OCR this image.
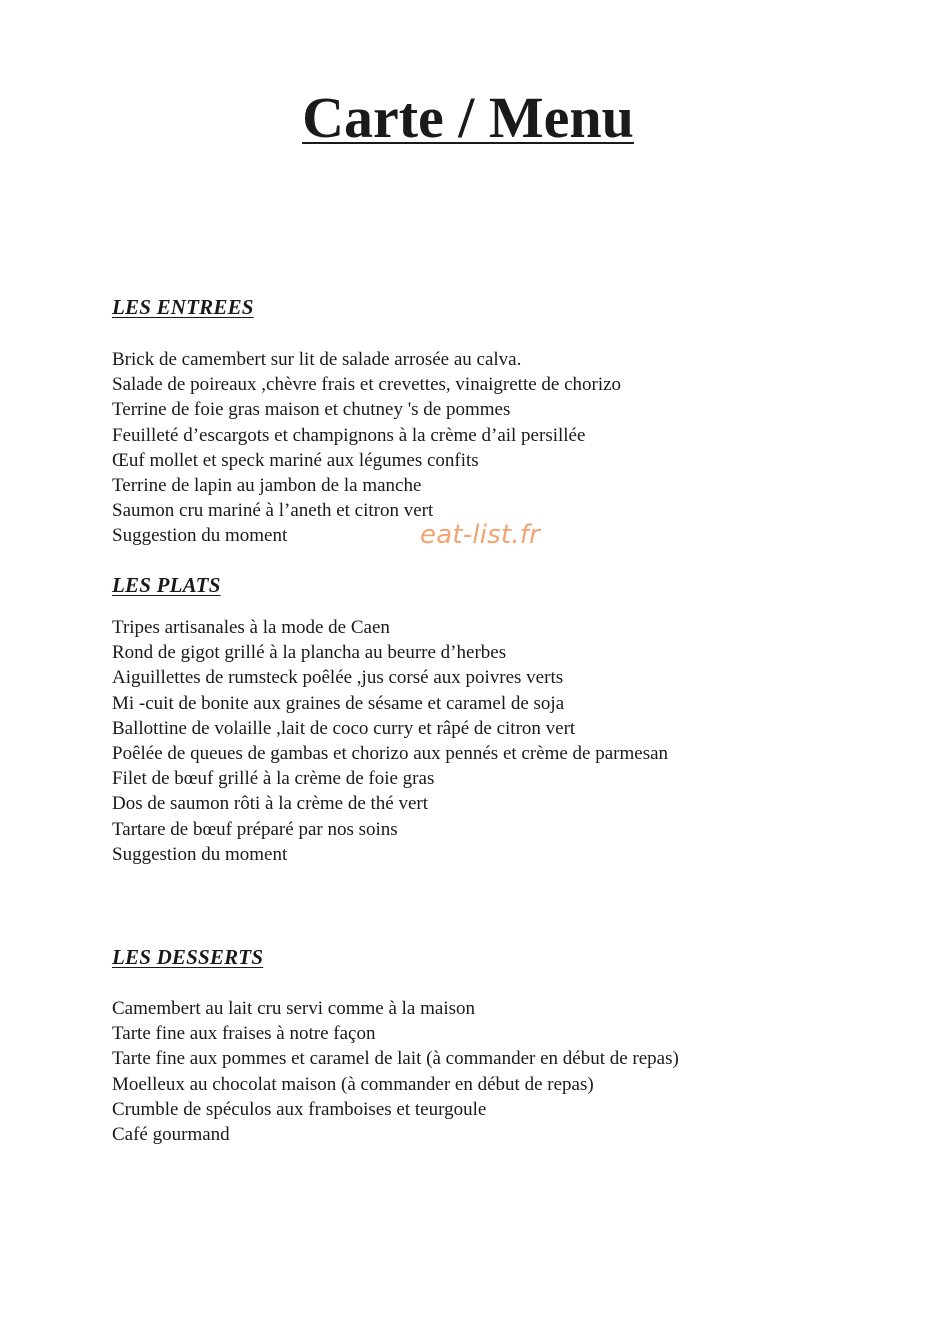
Carte / Menu
LES ENTREES
Brick de camembert sur lit de salade arrosée au calva.
Salade de poireaux ,chèvre frais et crevettes, vinaigrette de chorizo
Terrine de foie gras maison et chutney 's de pommes
Feuilleté d’escargots et champignons à la crème d’ail persillée
Œuf mollet et speck mariné aux légumes confits
Terrine de lapin au jambon de la manche
Saumon cru mariné à l’aneth et citron vert
Suggestion du moment	eat-list.fr
LES PLATS
Tripes artisanales à la mode de Caen
Rond de gigot grillé à la plancha au beurre d’herbes
Aiguillettes de rumsteck poêlée ,jus corsé aux poivres verts
Mi -cuit de bonite aux graines de sésame et caramel de soja
Ballottine de volaille ,lait de coco curry et râpé de citron vert
Poêlée de queues de gambas et chorizo aux pennés et crème de parmesan
Filet de bœuf grillé à la crème de foie gras
Dos de saumon rôti à la crème de thé vert
Tartare de bœuf préparé par nos soins
Suggestion du moment
LES DESSERTS
Camembert au lait cru servi comme à la maison
Tarte fine aux fraises à notre façon
Tarte fine aux pommes et caramel de lait (à commander en début de repas)
Moelleux au chocolat maison (à commander en début de repas)
Crumble de spéculos aux framboises et teurgoule
Café gourmand
